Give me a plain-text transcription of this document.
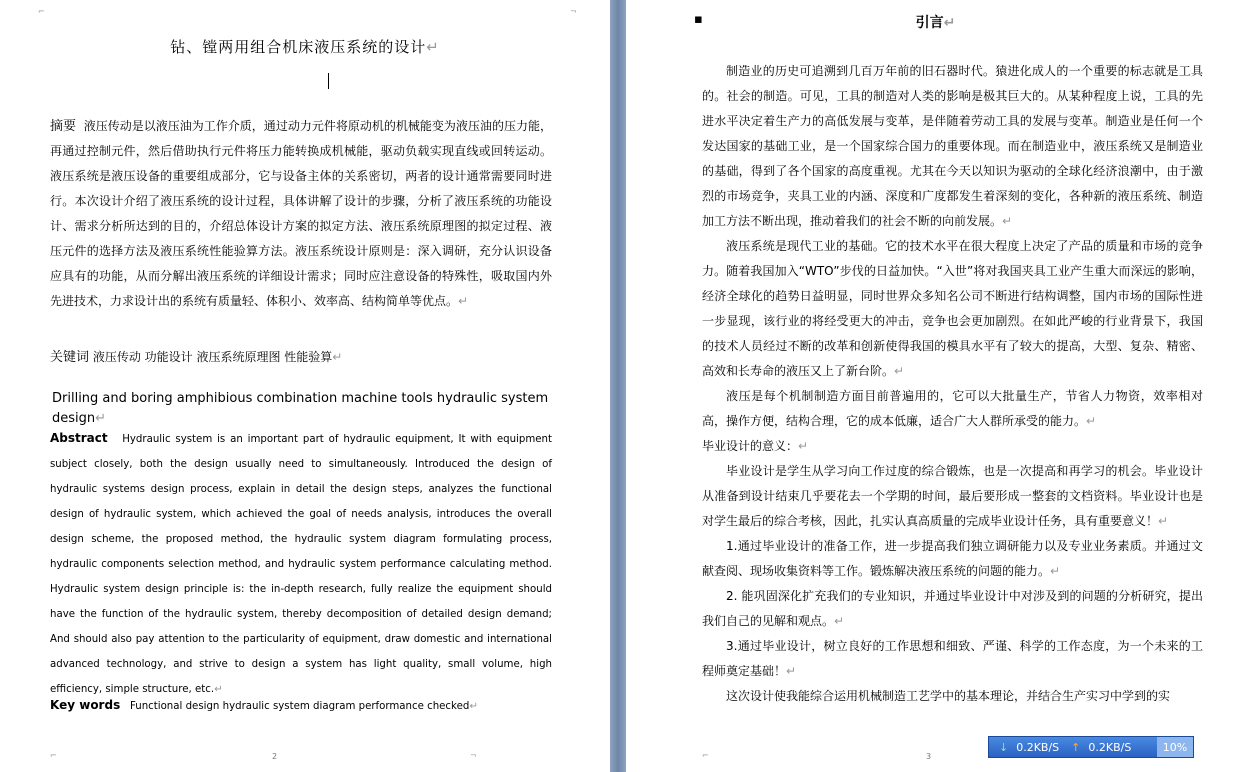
⌐	¬
钻、镗两用组合机床液压系统的设计↵
摘要 液压传动是以液压油为工作介质，通过动力元件将原动机的机械能变为液压油的压力能，再通过控制元件，然后借助执行元件将压力能转换成机械能，驱动负载实现直线或回转运动。液压系统是液压设备的重要组成部分，它与设备主体的关系密切，两者的设计通常需要同时进行。本次设计介绍了液压系统的设计过程，具体讲解了设计的步骤，分析了液压系统的功能设计、需求分析所达到的目的，介绍总体设计方案的拟定方法、液压系统原理图的拟定过程、液压元件的选择方法及液压系统性能验算方法。液压系统设计原则是：深入调研，充分认识设备应具有的功能，从而分解出液压系统的详细设计需求；同时应注意设备的特殊性，吸取国内外先进技术，力求设计出的系统有质量轻、体积小、效率高、结构简单等优点。↵
关键词 液压传动 功能设计 液压系统原理图 性能验算↵
Drilling and boring amphibious combination machine tools hydraulic system design↵
Abstract Hydraulic system is an important part of hydraulic equipment, It with equipment subject closely, both the design usually need to simultaneously. Introduced the design of hydraulic systems design process, explain in detail the design steps, analyzes the functional design of hydraulic system, which achieved the goal of needs analysis, introduces the overall design scheme, the proposed method, the hydraulic system diagram formulating process, hydraulic components selection method, and hydraulic system performance calculating method. Hydraulic system design principle is: the in-depth research, fully realize the equipment should have the function of the hydraulic system, thereby decomposition of detailed design demand; And should also pay attention to the particularity of equipment, draw domestic and international advanced technology, and strive to design a system has light quality, small volume, high efficiency, simple structure, etc.↵
Key words Functional design hydraulic system diagram performance checked↵
⌐	2	¬
▪	引言↵

制造业的历史可追溯到几百万年前的旧石器时代。猿进化成人的一个重要的标志就是工具的。社会的制造。可见，工具的制造对人类的影响是极其巨大的。从某种程度上说，工具的先进水平决定着生产力的高低发展与变革，是伴随着劳动工具的发展与变革。制造业是任何一个发达国家的基础工业，是一个国家综合国力的重要体现。而在制造业中，液压系统又是制造业的基础，得到了各个国家的高度重视。尤其在今天以知识为驱动的全球化经济浪潮中，由于激烈的市场竞争，夹具工业的内涵、深度和广度都发生着深刻的变化，各种新的液压系统、制造加工方法不断出现，推动着我们的社会不断的向前发展。↵

液压系统是现代工业的基础。它的技术水平在很大程度上决定了产品的质量和市场的竞争力。随着我国加入“WTO”步伐的日益加快。“入世”将对我国夹具工业产生重大而深远的影响，经济全球化的趋势日益明显，同时世界众多知名公司不断进行结构调整，国内市场的国际性进一步显现，该行业的将经受更大的冲击，竞争也会更加剧烈。在如此严峻的行业背景下，我国的技术人员经过不断的改革和创新使得我国的模具水平有了较大的提高，大型、复杂、精密、高效和长寿命的液压又上了新台阶。↵

液压是每个机制制造方面目前普遍用的，它可以大批量生产，节省人力物资，效率相对高，操作方便，结构合理，它的成本低廉，适合广大人群所承受的能力。↵

毕业设计的意义：↵

毕业设计是学生从学习向工作过度的综合锻炼，也是一次提高和再学习的机会。毕业设计从准备到设计结束几乎要花去一个学期的时间，最后要形成一整套的文档资料。毕业设计也是对学生最后的综合考核，因此，扎实认真高质量的完成毕业设计任务，具有重要意义！↵

1.通过毕业设计的准备工作，进一步提高我们独立调研能力以及专业业务素质。并通过文献查阅、现场收集资料等工作。锻炼解决液压系统的问题的能力。↵

2. 能巩固深化扩充我们的专业知识，并通过毕业设计中对涉及到的问题的分析研究，提出我们自己的见解和观点。↵

3.通过毕业设计，树立良好的工作思想和细致、严谨、科学的工作态度，为一个未来的工程师奠定基础！↵

这次设计使我能综合运用机械制造工艺学中的基本理论，并结合生产实习中学到的实

⌐	3
↓ 0.2KB/S ↑ 0.2KB/S	10%
